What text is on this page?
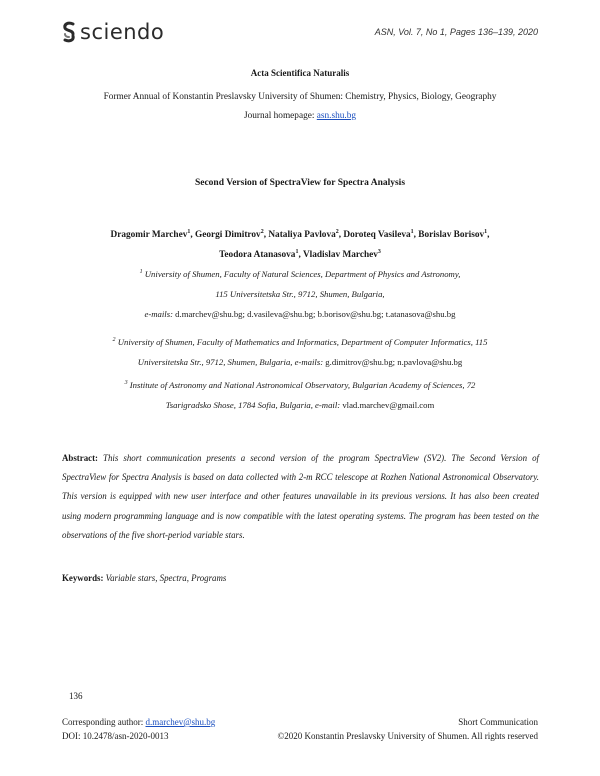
sciendo	ASN, Vol. 7, No 1, Pages 136–139, 2020
Acta Scientifica Naturalis
Former Annual of Konstantin Preslavsky University of Shumen: Chemistry, Physics, Biology, Geography
Journal homepage: asn.shu.bg
Second Version of SpectraView for Spectra Analysis
Dragomir Marchev$^1$, Georgi Dimitrov$^2$, Nataliya Pavlova$^2$, Doroteq Vasileva$^1$, Borislav Borisov$^1$,
Teodora Atanasova$^1$, Vladislav Marchev$^3$
$^1$ University of Shumen, Faculty of Natural Sciences, Department of Physics and Astronomy,
115 Universitetska Str., 9712, Shumen, Bulgaria,
e-mails: d.marchev@shu.bg; d.vasileva@shu.bg; b.borisov@shu.bg; t.atanasova@shu.bg
$^2$ University of Shumen, Faculty of Mathematics and Informatics, Department of Computer Informatics, 115
Universitetska Str., 9712, Shumen, Bulgaria, e-mails: g.dimitrov@shu.bg; n.pavlova@shu.bg
$^3$ Institute of Astronomy and National Astronomical Observatory, Bulgarian Academy of Sciences, 72
Tsarigradsko Shose, 1784 Sofia, Bulgaria, e-mail: vlad.marchev@gmail.com
Abstract: This short communication presents a second version of the program SpectraView (SV2). The Second Version of SpectraView for Spectra Analysis is based on data collected with 2-m RCC telescope at Rozhen National Astronomical Observatory. This version is equipped with new user interface and other features unavailable in its previous versions. It has also been created using modern programming language and is now compatible with the latest operating systems. The program has been tested on the observations of the five short-period variable stars.
Keywords: Variable stars, Spectra, Programs
136
Corresponding author: d.marchev@shu.bg	Short Communication
DOI: 10.2478/asn-2020-0013	©2020 Konstantin Preslavsky University of Shumen. All rights reserved
